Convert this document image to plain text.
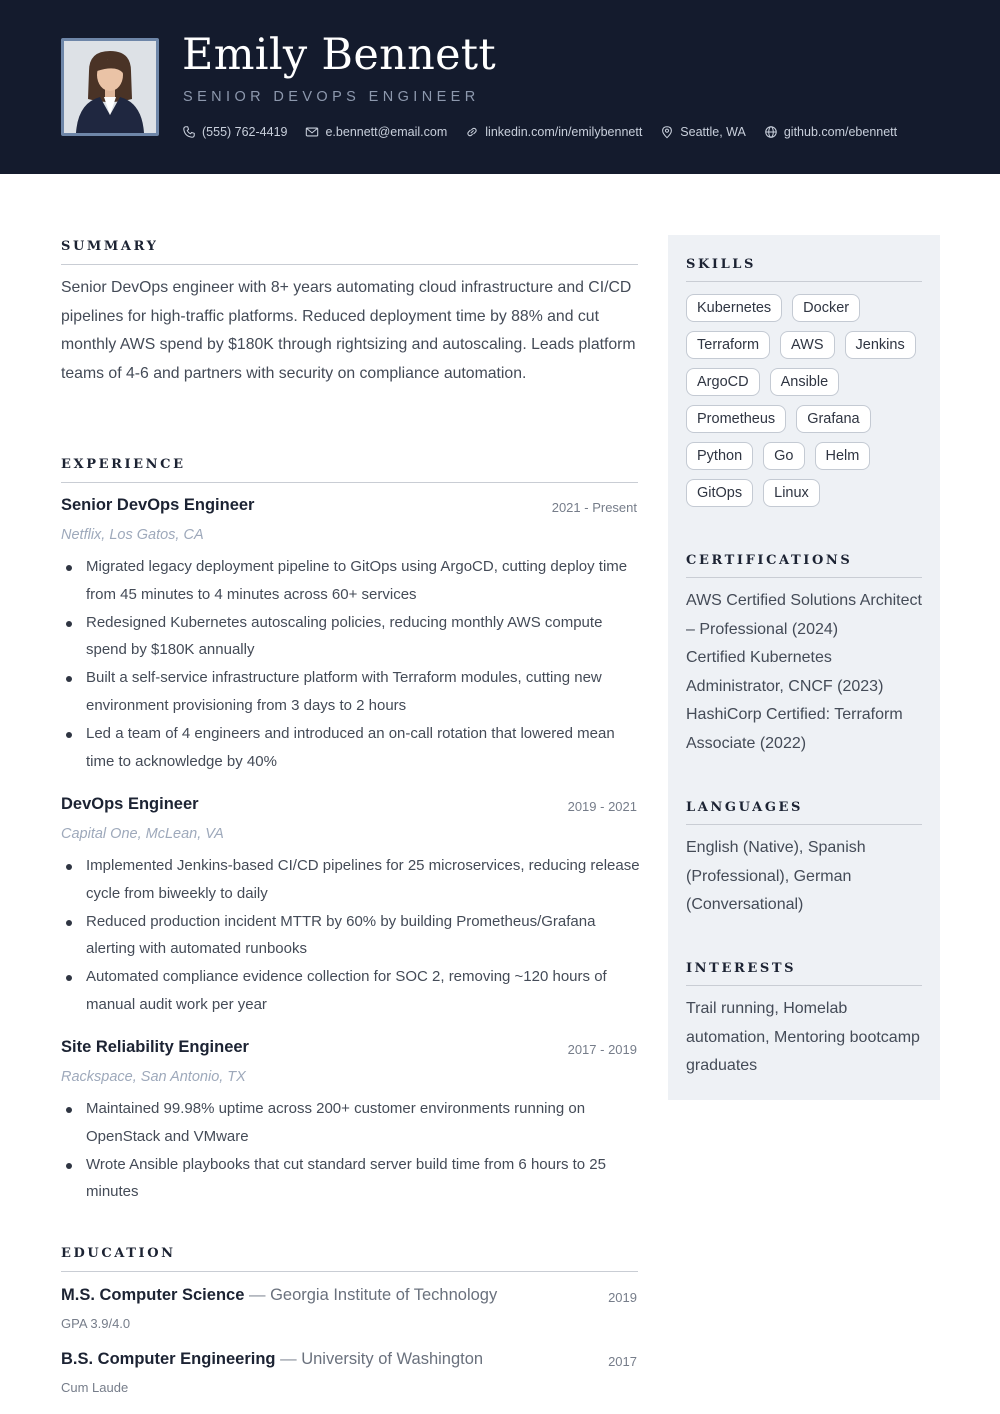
Emily Bennett
SENIOR DEVOPS ENGINEER
(555) 762-4419	e.bennett@email.com	linkedin.com/in/emilybennett	Seattle, WA	github.com/ebennett
SUMMARY

Senior DevOps engineer with 8+ years automating cloud infrastructure and CI/CD pipelines for high-traffic platforms. Reduced deployment time by 88% and cut monthly AWS spend by $180K through rightsizing and autoscaling. Leads platform teams of 4-6 and partners with security on compliance automation.

EXPERIENCE
Senior DevOps Engineer	2021 - Present
Netflix, Los Gatos, CA
Migrated legacy deployment pipeline to GitOps using ArgoCD, cutting deploy time from 45 minutes to 4 minutes across 60+ services
Redesigned Kubernetes autoscaling policies, reducing monthly AWS compute spend by $180K annually
Built a self-service infrastructure platform with Terraform modules, cutting new environment provisioning from 3 days to 2 hours
Led a team of 4 engineers and introduced an on-call rotation that lowered mean time to acknowledge by 40%
DevOps Engineer	2019 - 2021
Capital One, McLean, VA
Implemented Jenkins-based CI/CD pipelines for 25 microservices, reducing release cycle from biweekly to daily
Reduced production incident MTTR by 60% by building Prometheus/Grafana alerting with automated runbooks
Automated compliance evidence collection for SOC 2, removing ~120 hours of manual audit work per year
Site Reliability Engineer	2017 - 2019
Rackspace, San Antonio, TX
Maintained 99.98% uptime across 200+ customer environments running on OpenStack and VMware
Wrote Ansible playbooks that cut standard server build time from 6 hours to 25 minutes
EDUCATION
M.S. Computer Science — Georgia Institute of Technology	2019
GPA 3.9/4.0
B.S. Computer Engineering — University of Washington	2017
Cum Laude
SKILLS
Kubernetes	Docker
Terraform	AWS	Jenkins
ArgoCD	Ansible
Prometheus	Grafana
Python	Go	Helm
GitOps	Linux
CERTIFICATIONS
AWS Certified Solutions Architect – Professional (2024)
Certified Kubernetes Administrator, CNCF (2023)
HashiCorp Certified: Terraform Associate (2022)
LANGUAGES
English (Native), Spanish (Professional), German (Conversational)
INTERESTS
Trail running, Homelab automation, Mentoring bootcamp graduates
